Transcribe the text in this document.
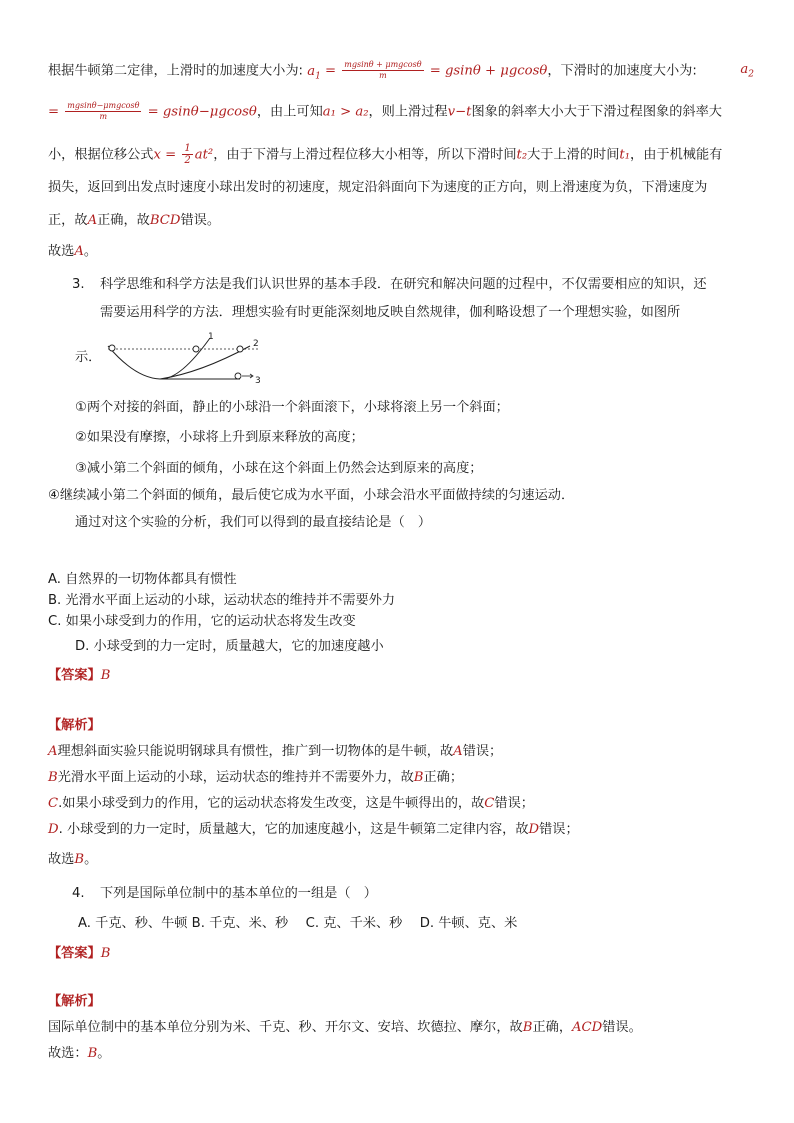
根据牛顿第二定律，上滑时的加速度大小为: $a_1 = \frac{\text{mgsinθ + μmgcosθ}}{m} = gsin\theta + \mu gcos\theta$，下滑时的加速度大小为:	$a_2$
= $\frac{\text{mgsinθ−μmgcosθ}}{m} = gsin\theta-\mu gcos\theta$，由上可知a₁ > a₂，则上滑过程v−t图象的斜率大小大于下滑过程图象的斜率大
小，根据位移公式$x = \frac{1}{2} at^2$，由于下滑与上滑过程位移大小相等，所以下滑时间t₂大于上滑的时间t₁，由于机械能有
损失，返回到出发点时速度小球出发时的初速度，规定沿斜面向下为速度的正方向，则上滑速度为负，下滑速度为
正，故A正确，故BCD错误。
故选A。
3. 科学思维和科学方法是我们认识世界的基本手段．在研究和解决问题的过程中，不仅需要相应的知识，还
需要运用科学的方法．理想实验有时更能深刻地反映自然规律，伽利略设想了一个理想实验，如图所
示．
1
2
3
①两个对接的斜面，静止的小球沿一个斜面滚下，小球将滚上另一个斜面；
②如果没有摩擦，小球将上升到原来释放的高度；
③减小第二个斜面的倾角，小球在这个斜面上仍然会达到原来的高度；
④继续减小第二个斜面的倾角，最后使它成为水平面，小球会沿水平面做持续的匀速运动．
通过对这个实验的分析，我们可以得到的最直接结论是（　）
A. 自然界的一切物体都具有惯性
B. 光滑水平面上运动的小球，运动状态的维持并不需要外力
C. 如果小球受到力的作用，它的运动状态将发生改变
D. 小球受到的力一定时，质量越大，它的加速度越小
【答案】B
【解析】
A理想斜面实验只能说明钢球具有惯性，推广到一切物体的是牛顿，故A错误；
B光滑水平面上运动的小球，运动状态的维持并不需要外力，故B正确；
C.如果小球受到力的作用，它的运动状态将发生改变，这是牛顿得出的，故C错误；
D. 小球受到的力一定时，质量越大，它的加速度越小，这是牛顿第二定律内容，故D错误；
故选B。
4. 下列是国际单位制中的基本单位的一组是（　）
A. 千克、秒、牛顿 B. 千克、米、秒　 C. 克、千米、秒　 D. 牛顿、克、米
【答案】B
【解析】
国际单位制中的基本单位分别为米、千克、秒、开尔文、安培、坎德拉、摩尔，故B正确，ACD错误。
故选：B。
